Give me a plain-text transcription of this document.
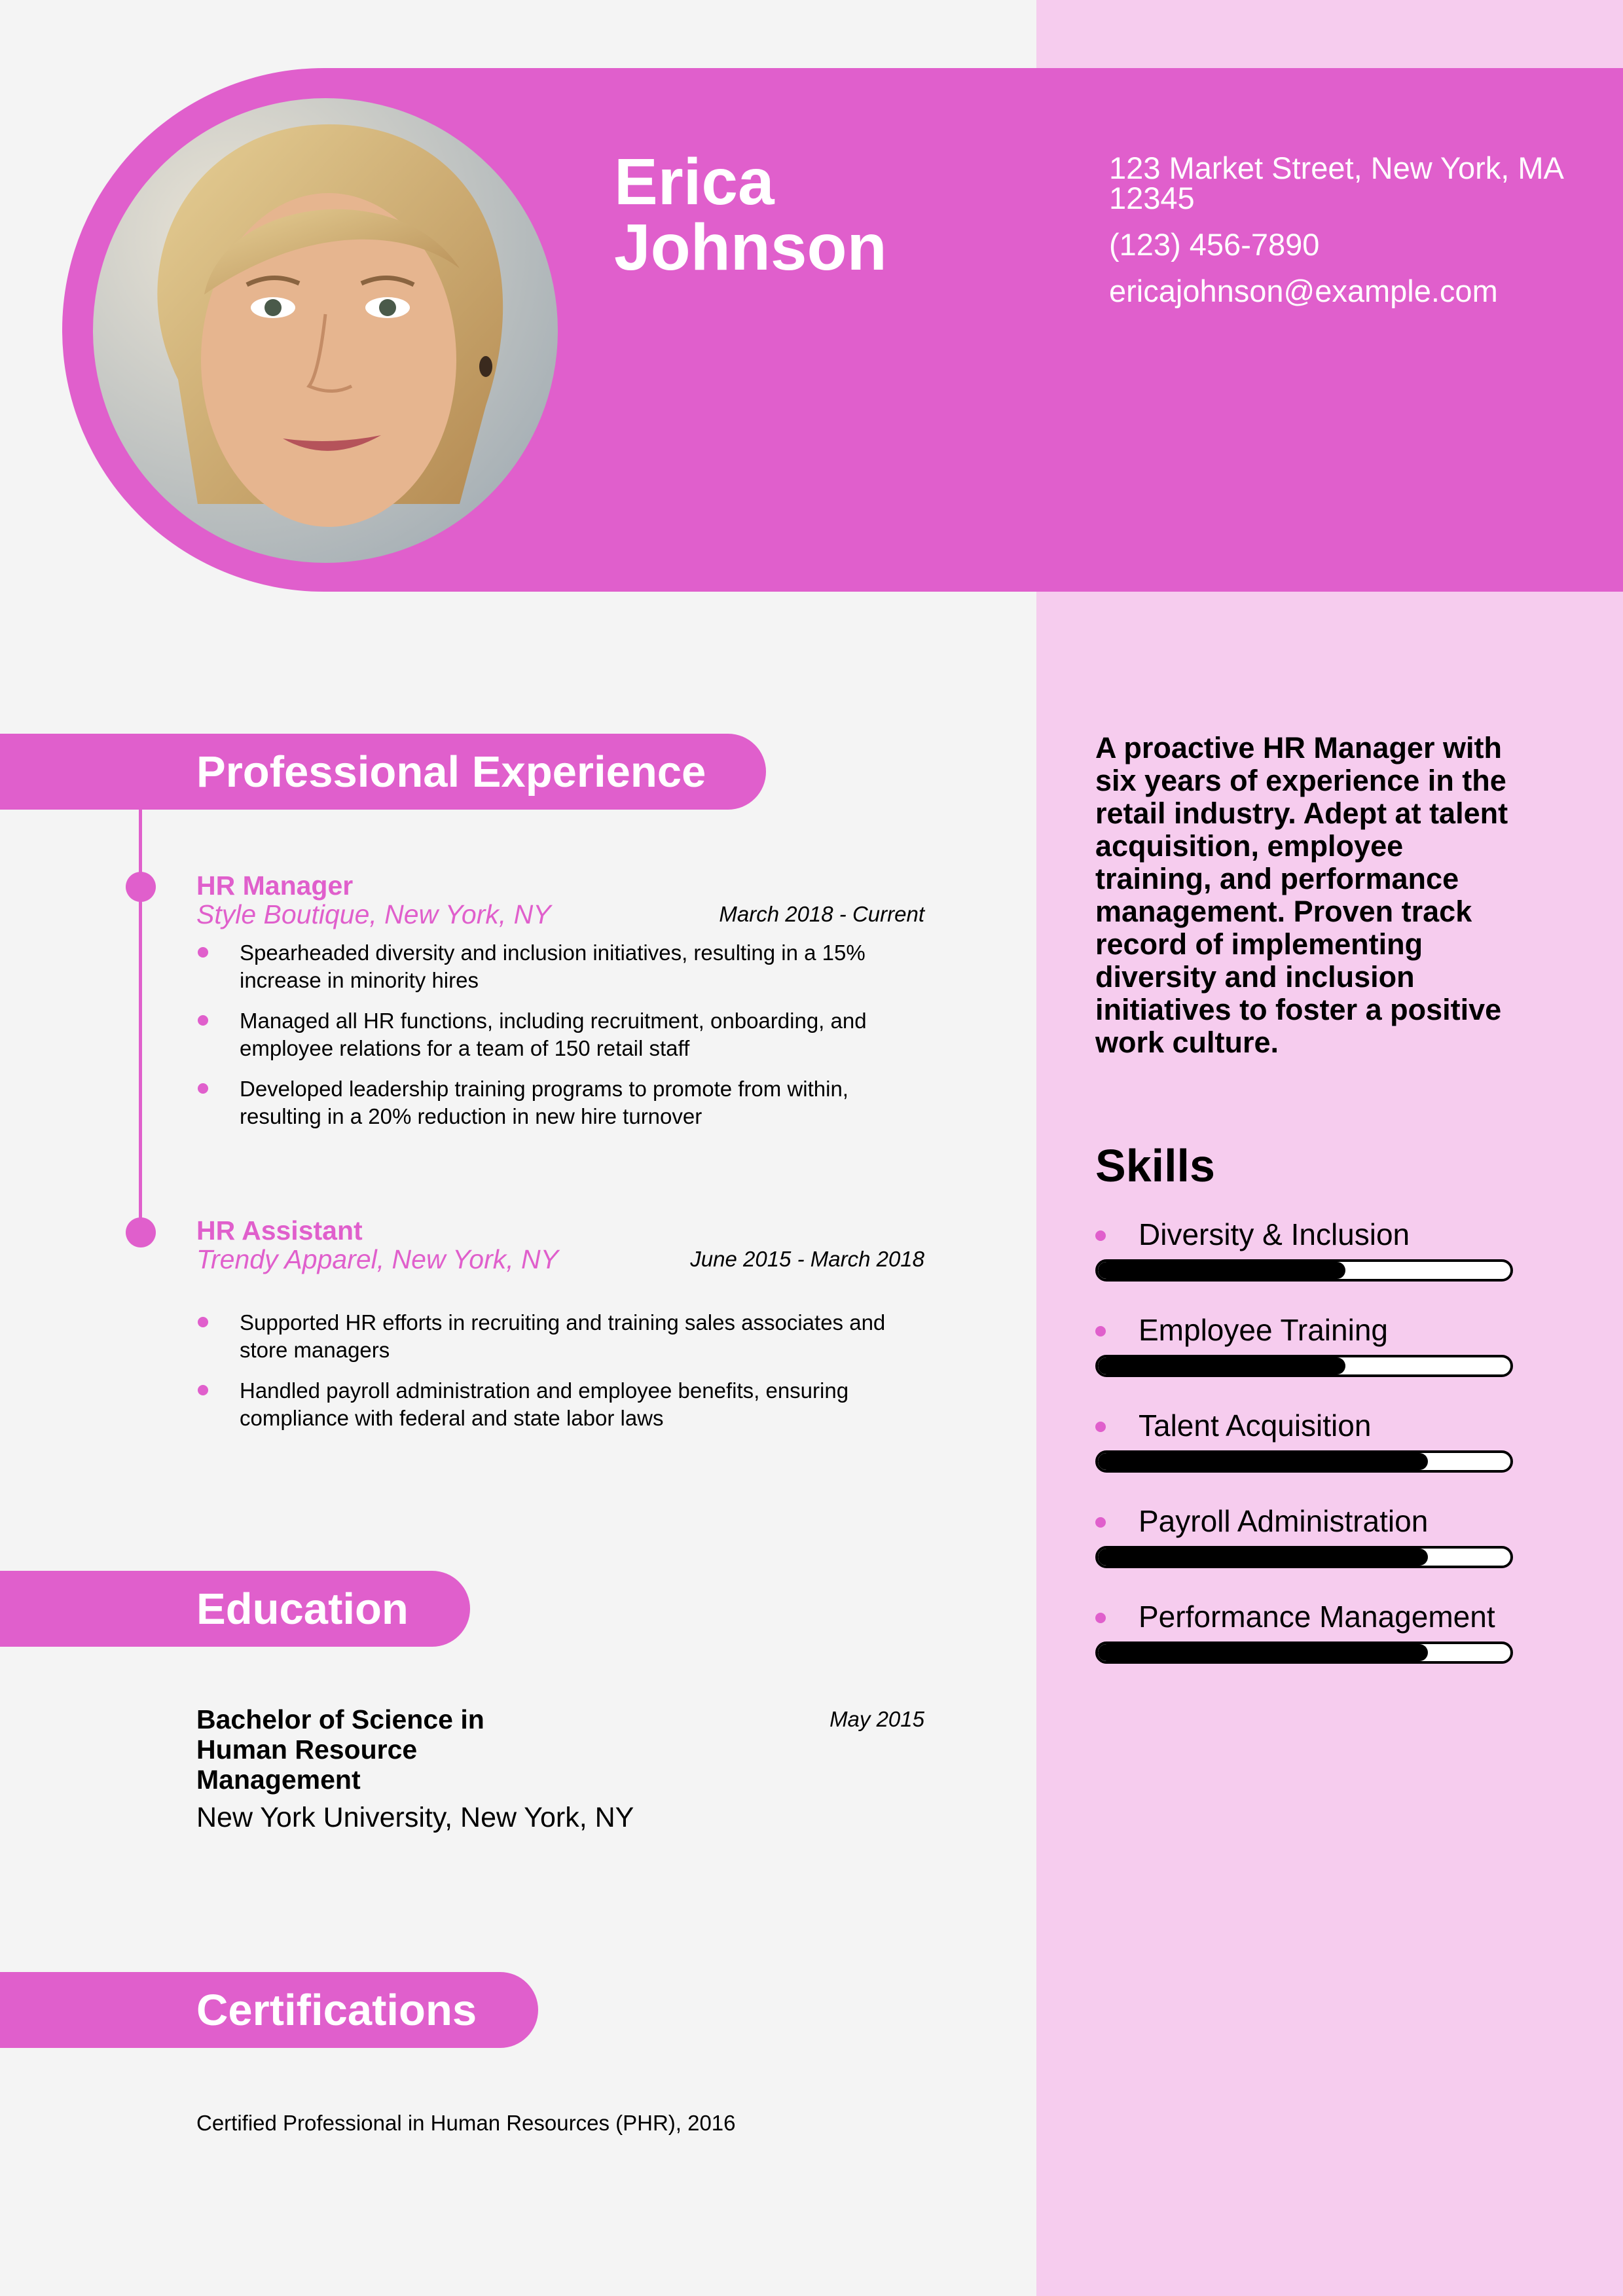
Erica
Johnson
123 Market Street, New York, MA 12345
(123) 456-7890
ericajohnson@example.com
Professional Experience
HR Manager
Style Boutique, New York, NY	March 2018 - Current
Spearheaded diversity and inclusion initiatives, resulting in a 15% increase in minority hires
Managed all HR functions, including recruitment, onboarding, and employee relations for a team of 150 retail staff
Developed leadership training programs to promote from within, resulting in a 20% reduction in new hire turnover
HR Assistant
Trendy Apparel, New York, NY	June 2015 - March 2018
Supported HR efforts in recruiting and training sales associates and store managers
Handled payroll administration and employee benefits, ensuring compliance with federal and state labor laws
Education
Bachelor of Science in Human Resource Management
May 2015
New York University, New York, NY
Certifications
Certified Professional in Human Resources (PHR), 2016
A proactive HR Manager with six years of experience in the retail industry. Adept at talent acquisition, employee training, and performance management. Proven track record of implementing diversity and inclusion initiatives to foster a positive work culture.
Skills
Diversity & Inclusion
Employee Training
Talent Acquisition
Payroll Administration
Performance Management
